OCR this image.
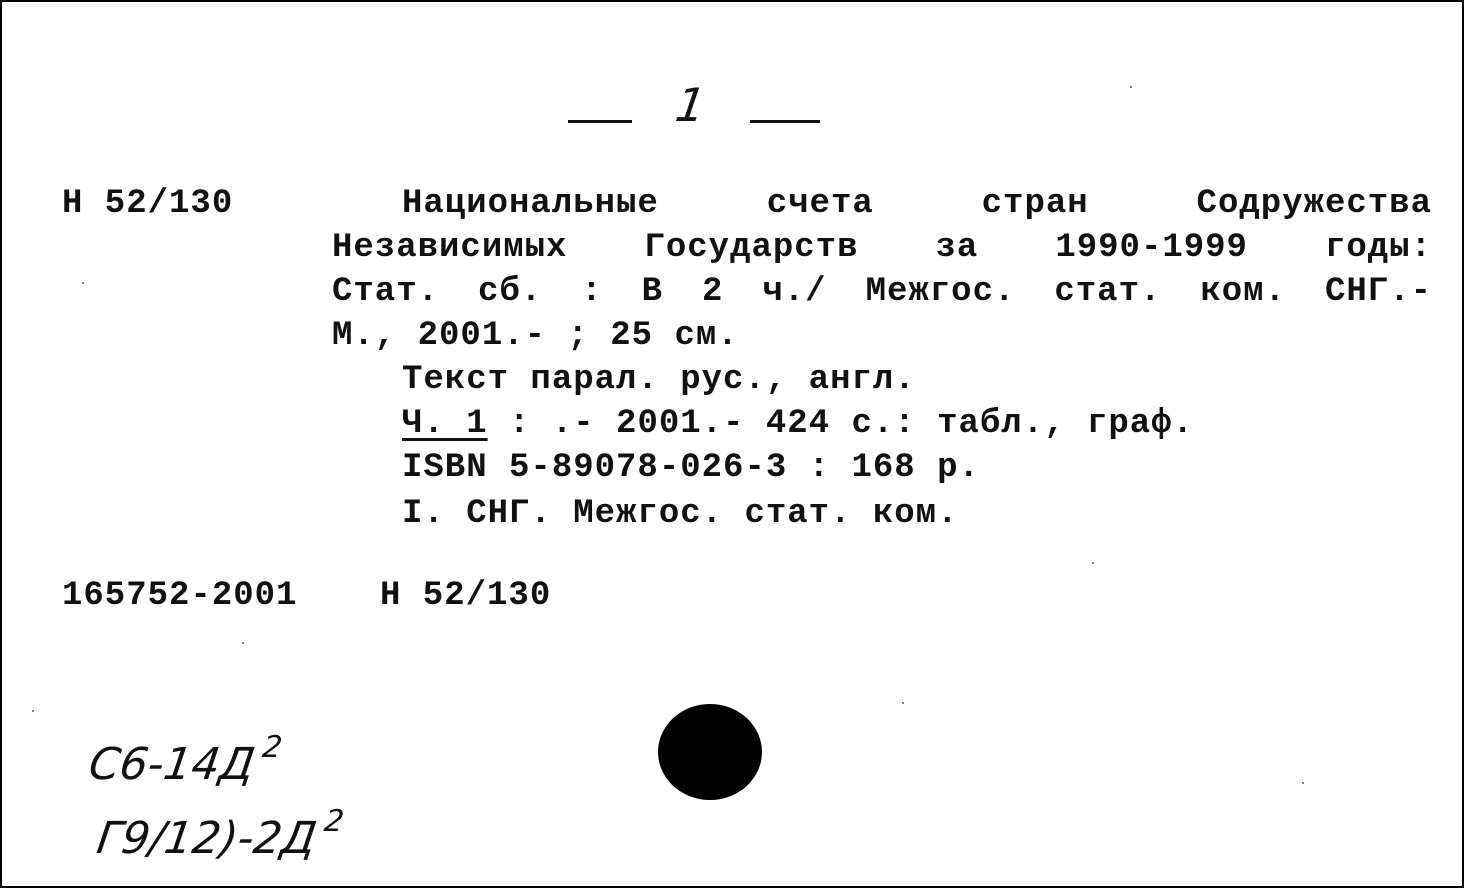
1
Н 52/130	Национальные счета стран Содружества
Независимых Государств за 1990-1999 годы:
Стат. сб. : В 2 ч./ Межгос. стат. ком. СНГ.-
М., 2001.- ; 25 см.
Текст парал. рус., англ.
Ч. 1 : .- 2001.- 424 с.: табл., граф.
ISBN 5-89078-026-3 : 168 р.
I. СНГ. Межгос. стат. ком.
165752-2001 Н 52/130
$С6-14Д^2$
$Г9/12)-2Д^2$
